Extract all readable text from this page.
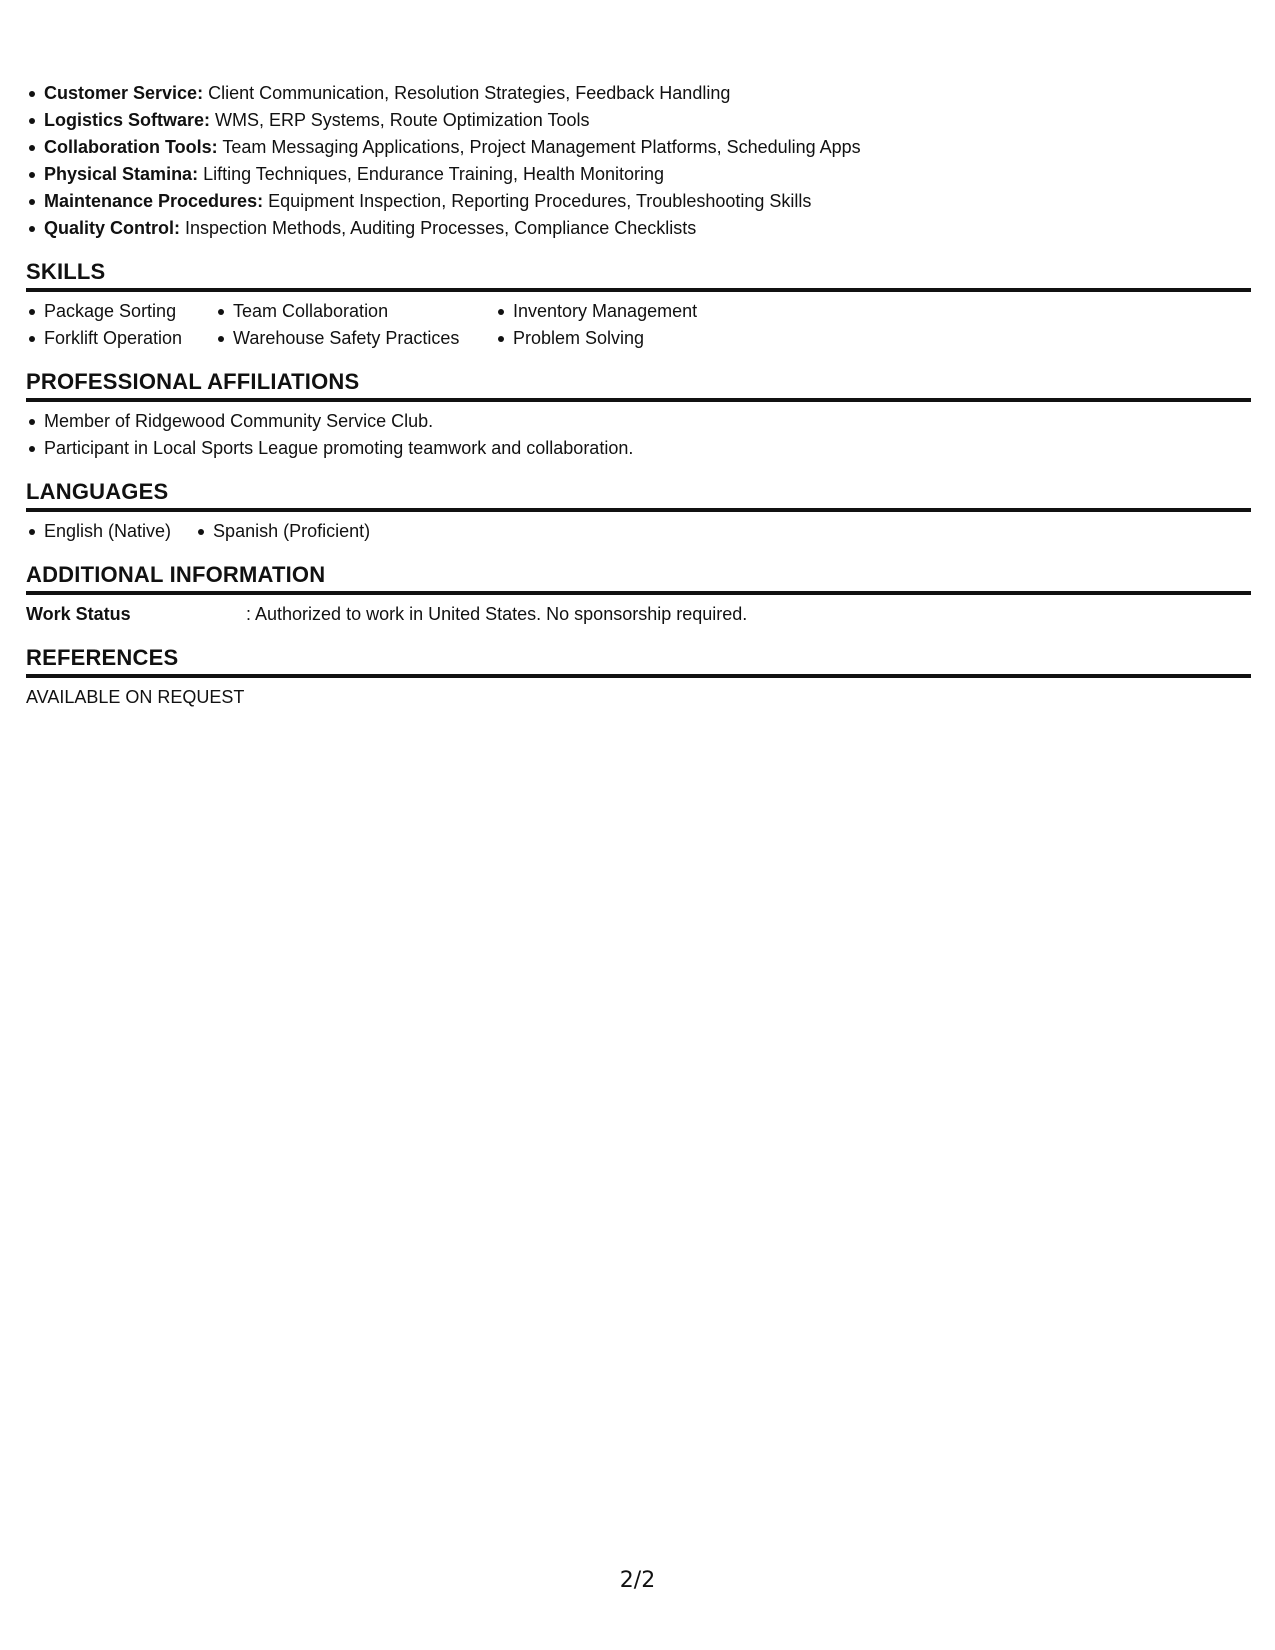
Customer Service: Client Communication, Resolution Strategies, Feedback Handling
Logistics Software: WMS, ERP Systems, Route Optimization Tools
Collaboration Tools: Team Messaging Applications, Project Management Platforms, Scheduling Apps
Physical Stamina: Lifting Techniques, Endurance Training, Health Monitoring
Maintenance Procedures: Equipment Inspection, Reporting Procedures, Troubleshooting Skills
Quality Control: Inspection Methods, Auditing Processes, Compliance Checklists
SKILLS
Package Sorting
Forklift Operation
Team Collaboration
Warehouse Safety Practices
Inventory Management
Problem Solving
PROFESSIONAL AFFILIATIONS
Member of Ridgewood Community Service Club.
Participant in Local Sports League promoting teamwork and collaboration.
LANGUAGES
English (Native)	Spanish (Proficient)
ADDITIONAL INFORMATION
Work Status	: Authorized to work in United States. No sponsorship required.
REFERENCES
AVAILABLE ON REQUEST
2/2
